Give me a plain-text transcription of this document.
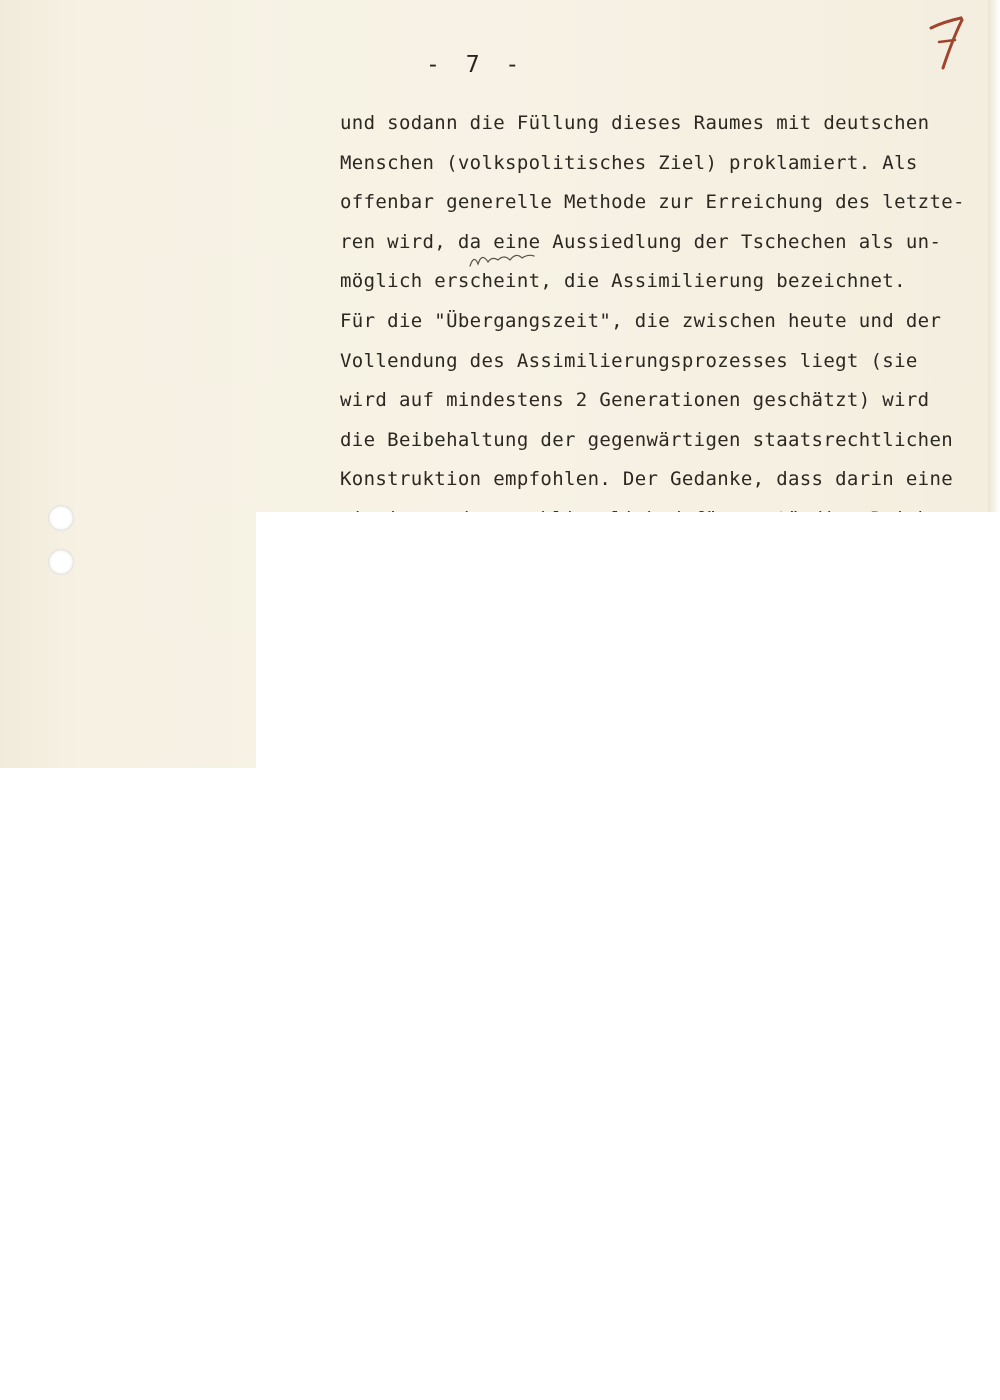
- 7 -
und sodann die Füllung dieses Raumes mit deutschen
Menschen (volkspolitisches Ziel) proklamiert. Als
offenbar generelle Methode zur Erreichung des letzte-
ren wird, da eine Aussiedlung der Tschechen als un-
möglich erscheint, die Assimilierung bezeichnet.
Für die "Übergangszeit", die zwischen heute und der
Vollendung des Assimilierungsprozesses liegt (sie
wird auf mindestens 2 Generationen geschätzt) wird
die Beibehaltung der gegenwärtigen staatsrechtlichen
Konstruktion empfohlen. Der Gedanke, dass darin eine
